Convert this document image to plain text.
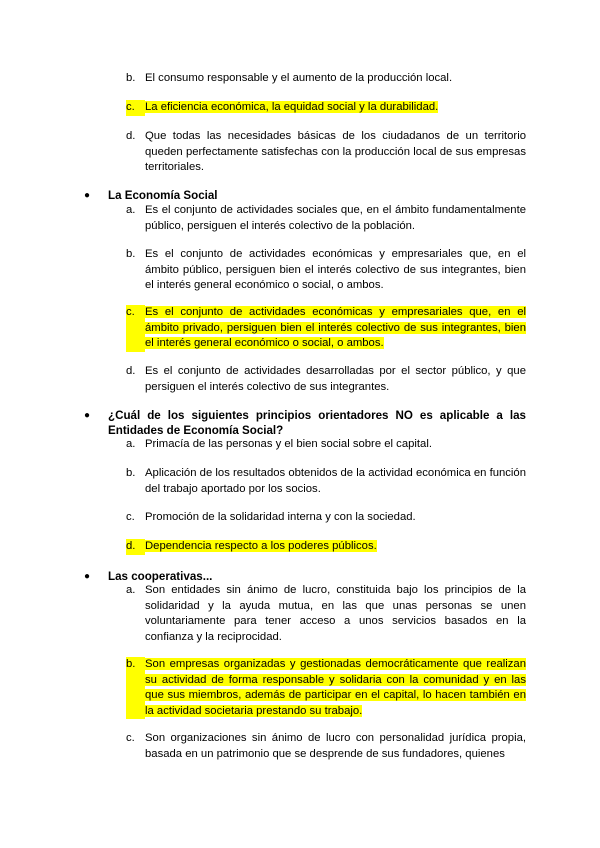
b. El consumo responsable y el aumento de la producción local.
c. La eficiencia económica, la equidad social y la durabilidad.
d. Que todas las necesidades básicas de los ciudadanos de un territorio queden perfectamente satisfechas con la producción local de sus empresas territoriales.
●	La Economía Social
a. Es el conjunto de actividades sociales que, en el ámbito fundamentalmente público, persiguen el interés colectivo de la población.
b. Es el conjunto de actividades económicas y empresariales que, en el ámbito público, persiguen bien el interés colectivo de sus integrantes, bien el interés general económico o social, o ambos.
c. Es el conjunto de actividades económicas y empresariales que, en el ámbito privado, persiguen bien el interés colectivo de sus integrantes, bien el interés general económico o social, o ambos.
d. Es el conjunto de actividades desarrolladas por el sector público, y que persiguen el interés colectivo de sus integrantes.
●	¿Cuál de los siguientes principios orientadores NO es aplicable a las Entidades de Economía Social?
a. Primacía de las personas y el bien social sobre el capital.
b. Aplicación de los resultados obtenidos de la actividad económica en función del trabajo aportado por los socios.
c. Promoción de la solidaridad interna y con la sociedad.
d. Dependencia respecto a los poderes públicos.
●	Las cooperativas...
a. Son entidades sin ánimo de lucro, constituida bajo los principios de la solidaridad y la ayuda mutua, en las que unas personas se unen voluntariamente para tener acceso a unos servicios basados en la confianza y la reciprocidad.
b. Son empresas organizadas y gestionadas democráticamente que realizan su actividad de forma responsable y solidaria con la comunidad y en las que sus miembros, además de participar en el capital, lo hacen también en la actividad societaria prestando su trabajo.
c. Son organizaciones sin ánimo de lucro con personalidad jurídica propia, basada en un patrimonio que se desprende de sus fundadores, quienes
